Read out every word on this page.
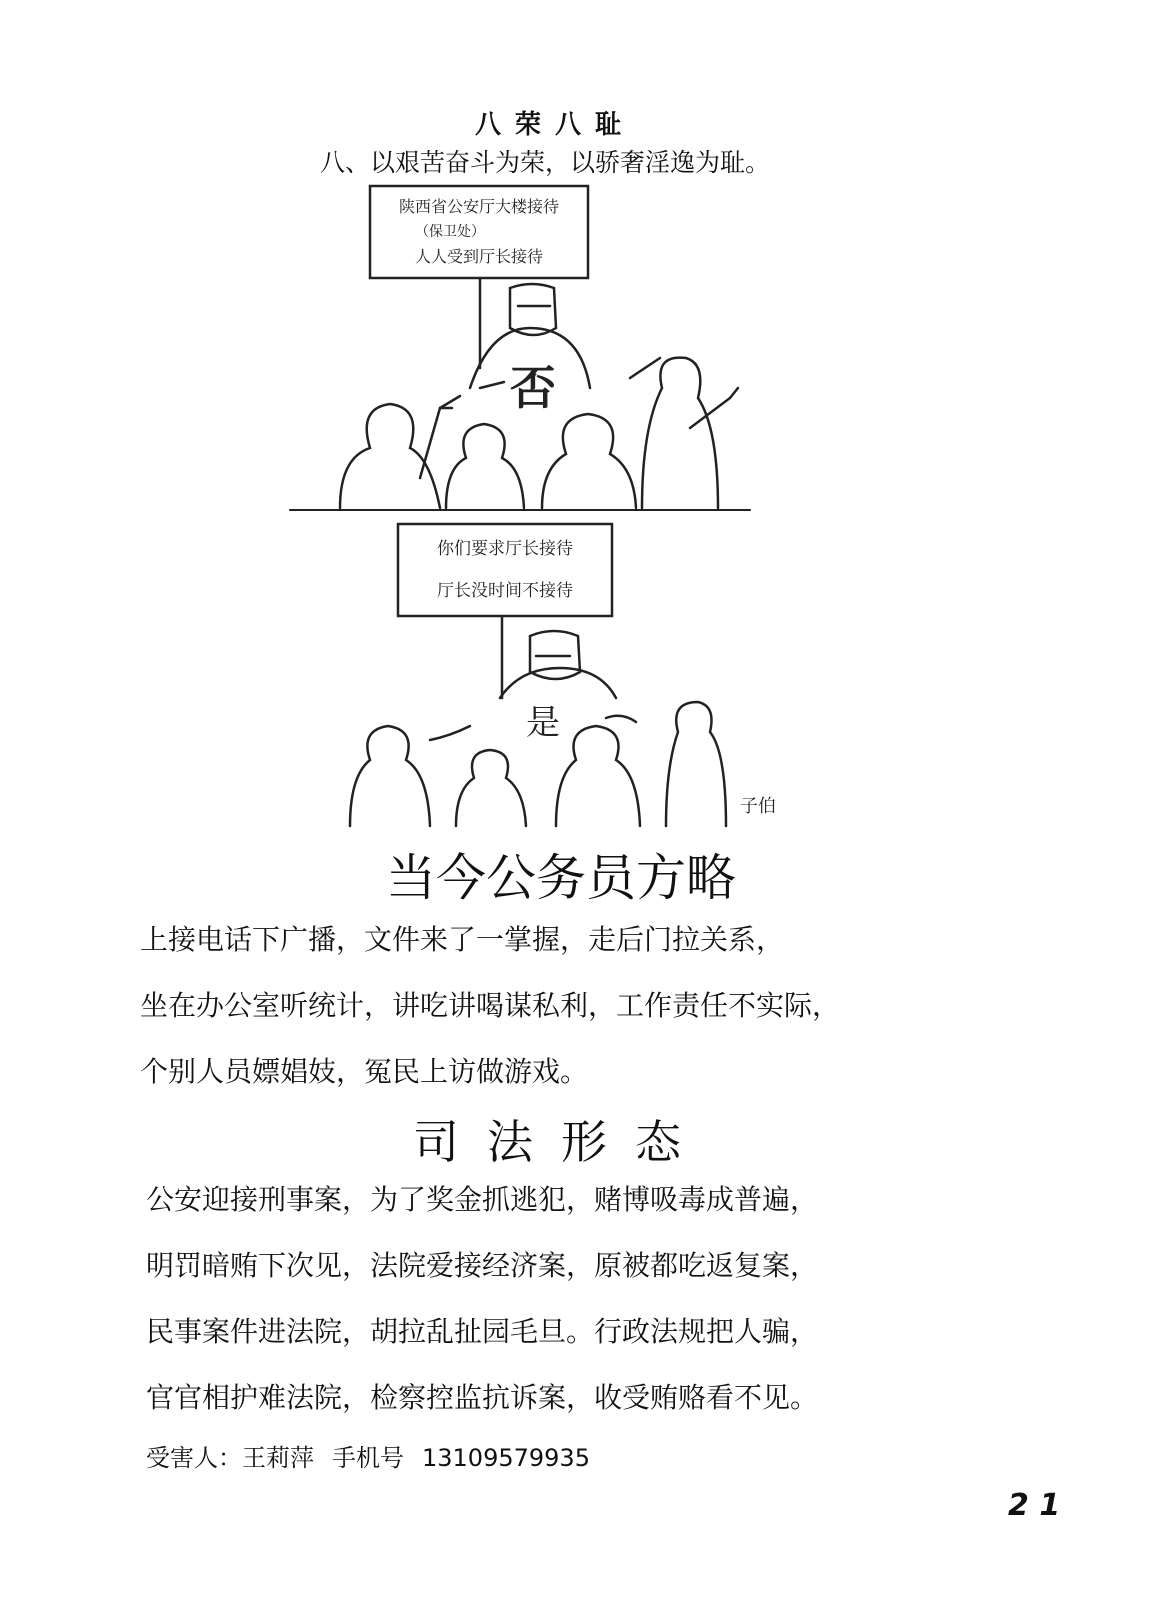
八荣八耻
八、以艰苦奋斗为荣，以骄奢淫逸为耻。
陕西省公安厅大楼接待
（保卫处）
人人受到厅长接待
否
你们要求厅长接待
厅长没时间不接待
是
子伯
当今公务员方略
上接电话下广播，文件来了一掌握，走后门拉关系，
坐在办公室听统计，讲吃讲喝谋私利，工作责任不实际，
个别人员嫖娼妓，冤民上访做游戏。
司法形态
公安迎接刑事案，为了奖金抓逃犯，赌博吸毒成普遍，
明罚暗贿下次见，法院爱接经济案，原被都吃返复案，
民事案件进法院，胡拉乱扯园毛旦。行政法规把人骗，
官官相护难法院，检察控监抗诉案，收受贿赂看不见。
受害人：王莉萍 手机号 13109579935
2 1
